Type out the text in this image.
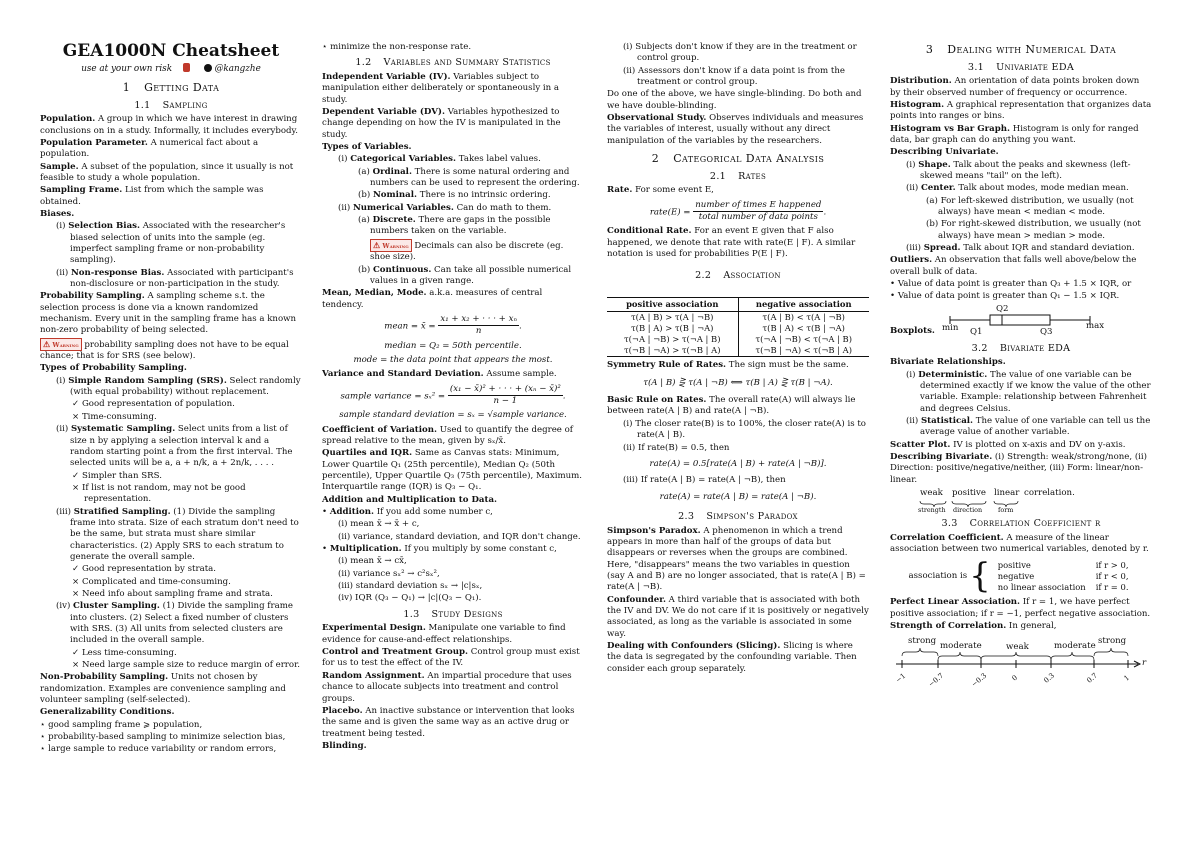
GEA1000N Cheatsheet
use at your own risk	@kangzhe
1 Getting Data
1.1 Sampling

Population. A group in which we have interest in drawing conclusions on in a study. Informally, it includes everybody.

Population Parameter. A numerical fact about a population.

Sample. A subset of the population, since it usually is not feasible to study a whole population.

Sampling Frame. List from which the sample was obtained.

Biases.

(i) Selection Bias. Associated with the researcher's biased selection of units into the sample (eg. imperfect sampling frame or non-probability sampling).

(ii) Non-response Bias. Associated with participant's non-disclosure or non-participation in the study.

Probability Sampling. A sampling scheme s.t. the selection process is done via a known randomized mechanism. Every unit in the sampling frame has a known non-zero probability of being selected.

⚠ Warning probability sampling does not have to be equal chance; that is for SRS (see below).

Types of Probability Sampling.

(i) Simple Random Sampling (SRS). Select randomly (with equal probability) without replacement.

✓ Good representation of population.

× Time-consuming.

(ii) Systematic Sampling. Select units from a list of size n by applying a selection interval k and a random starting point a from the first interval. The selected units will be a, a + n/k, a + 2n/k, . . . .

✓ Simpler than SRS.

× If list is not random, may not be good representation.

(iii) Stratified Sampling. (1) Divide the sampling frame into strata. Size of each stratum don't need to be the same, but strata must share similar characteristics. (2) Apply SRS to each stratum to generate the overall sample.

✓ Good representation by strata.

× Complicated and time-consuming.

× Need info about sampling frame and strata.

(iv) Cluster Sampling. (1) Divide the sampling frame into clusters. (2) Select a fixed number of clusters with SRS. (3) All units from selected clusters are included in the overall sample.

✓ Less time-consuming.

× Need large sample size to reduce margin of error.

Non-Probability Sampling. Units not chosen by randomization. Examples are convenience sampling and volunteer sampling (self-selected).

Generalizability Conditions.

⋆ good sampling frame ⩾ population,

⋆ probability-based sampling to minimize selection bias,

⋆ large sample to reduce variability or random errors,

⋆ minimize the non-response rate.

1.2 Variables and Summary Statistics

Independent Variable (IV). Variables subject to manipulation either deliberately or spontaneously in a study.

Dependent Variable (DV). Variables hypothesized to change depending on how the IV is manipulated in the study.

Types of Variables.

(i) Categorical Variables. Takes label values.

(a) Ordinal. There is some natural ordering and numbers can be used to represent the ordering.

(b) Nominal. There is no intrinsic ordering.

(ii) Numerical Variables. Can do math to them.

(a) Discrete. There are gaps in the possible numbers taken on the variable.

⚠ Warning Decimals can also be discrete (eg. shoe size).

(b) Continuous. Can take all possible numerical values in a given range.

Mean, Median, Mode. a.k.a. measures of central tendency.

mean = x̄ = $\frac{\text{x₁ + x₂ + · · · + xₙ}}{n}$ .
median = Q₂ = 50th percentile.
mode = the data point that appears the most.

Variance and Standard Deviation. Assume sample.

sample variance = $s_x^2 = \frac{\text{(x₁ − x̄)² + · · · + (xₙ − x̄)²}}{n - 1}$ .
sample standard deviation = sₓ = √sample variance.

Coefficient of Variation. Used to quantify the degree of spread relative to the mean, given by sₓ/x̄.

Quartiles and IQR. Same as Canvas stats: Minimum, Lower Quartile Q₁ (25th percentile), Median Q₂ (50th percentile), Upper Quartile Q₃ (75th percentile), Maximum. Interquartile range (IQR) is Q₃ − Q₁.

Addition and Multiplication to Data.

• Addition. If you add some number c,

(i) mean x̄ → x̄ + c,

(ii) variance, standard deviation, and IQR don't change.

• Multiplication. If you multiply by some constant c,

(i) mean x̄ → cx̄,

(ii) variance sₓ² → c²sₓ²,

(iii) standard deviation sₓ → |c|sₓ,

(iv) IQR (Q₃ − Q₁) → |c|(Q₃ − Q₁).

1.3 Study Designs

Experimental Design. Manipulate one variable to find evidence for cause-and-effect relationships.

Control and Treatment Group. Control group must exist for us to test the effect of the IV.

Random Assignment. An impartial procedure that uses chance to allocate subjects into treatment and control groups.

Placebo. An inactive substance or intervention that looks the same and is given the same way as an active drug or treatment being tested.

Blinding.

(i) Subjects don't know if they are in the treatment or control group.

(ii) Assessors don't know if a data point is from the treatment or control group.

Do one of the above, we have single-blinding. Do both and we have double-blinding.

Observational Study. Observes individuals and measures the variables of interest, usually without any direct manipulation of the variables by the researchers.

2 Categorical Data Analysis
2.1 Rates

Rate. For some event E,

rate(E) = $\frac{\text{number of times E happened}}{\text{total number of data points}}$ .

Conditional Rate. For an event E given that F also happened, we denote that rate with rate(E | F). A similar notation is used for probabilities P(E | F).

2.2 Association
positive association	negative association
τ(A | B) > τ(A | ¬B)	τ(A | B) < τ(A | ¬B)
τ(B | A) > τ(B | ¬A)	τ(B | A) < τ(B | ¬A)
τ(¬A | ¬B) > τ(¬A | B)	τ(¬A | ¬B) < τ(¬A | B)
τ(¬B | ¬A) > τ(¬B | A)	τ(¬B | ¬A) < τ(¬B | A)

Symmetry Rule of Rates. The sign must be the same.

τ(A | B) ⋛ τ(A | ¬B) ⟺ τ(B | A) ⋛ τ(B | ¬A).

Basic Rule on Rates. The overall rate(A) will always lie between rate(A | B) and rate(A | ¬B).

(i) The closer rate(B) is to 100%, the closer rate(A) is to rate(A | B).

(ii) If rate(B) = 0.5, then

rate(A) = 0.5[rate(A | B) + rate(A | ¬B)].

(iii) If rate(A | B) = rate(A | ¬B), then

rate(A) = rate(A | B) = rate(A | ¬B).
2.3 Simpson's Paradox

Simpson's Paradox. A phenomenon in which a trend appears in more than half of the groups of data but disappears or reverses when the groups are combined. Here, "disappears" means the two variables in question (say A and B) are no longer associated, that is rate(A | B) = rate(A | ¬B).

Confounder. A third variable that is associated with both the IV and DV. We do not care if it is positively or negatively associated, as long as the variable is associated in some way.

Dealing with Confounders (Slicing). Slicing is where the data is segregated by the confounding variable. Then consider each group separately.

3 Dealing with Numerical Data
3.1 Univariate EDA

Distribution. An orientation of data points broken down by their observed number of frequency or occurrence.

Histogram. A graphical representation that organizes data points into ranges or bins.

Histogram vs Bar Graph. Histogram is only for ranged data, bar graph can do anything you want.

Describing Univariate.

(i) Shape. Talk about the peaks and skewness (left-skewed means "tail" on the left).

(ii) Center. Talk about modes, mode median mean.

(a) For left-skewed distribution, we usually (not always) have mean < median < mode.

(b) For right-skewed distribution, we usually (not always) have mean > median > mode.

(iii) Spread. Talk about IQR and standard deviation.

Outliers. An observation that falls well above/below the overall bulk of data.

• Value of data point is greater than Q₃ + 1.5 × IQR, or

• Value of data point is greater than Q₁ − 1.5 × IQR.

Boxplots. min Q1
Q2
Q3
max
3.2 Bivariate EDA

Bivariate Relationships.

(i) Deterministic. The value of one variable can be determined exactly if we know the value of the other variable. Example: relationship between Fahrenheit and degrees Celsius.

(ii) Statistical. The value of one variable can tell us the average value of another variable.

Scatter Plot. IV is plotted on x-axis and DV on y-axis.

Describing Bivariate. (i) Strength: weak/strong/none, (ii) Direction: positive/negative/neither, (iii) Form: linear/non-linear.

weak positive linear correlation.
strength direction form
3.3 Correlation Coefficient r

Correlation Coefficient. A measure of the linear association between two numerical variables, denoted by r.

association is { positive	if r > 0,
negative	if r < 0,
no linear association	if r = 0.

Perfect Linear Association. If r = 1, we have perfect positive association; if r = −1, perfect negative association.

Strength of Correlation. In general,

strong moderate	weak	moderate strong
r
−1	−0.7	−0.3	0	0.3	0.7	1
